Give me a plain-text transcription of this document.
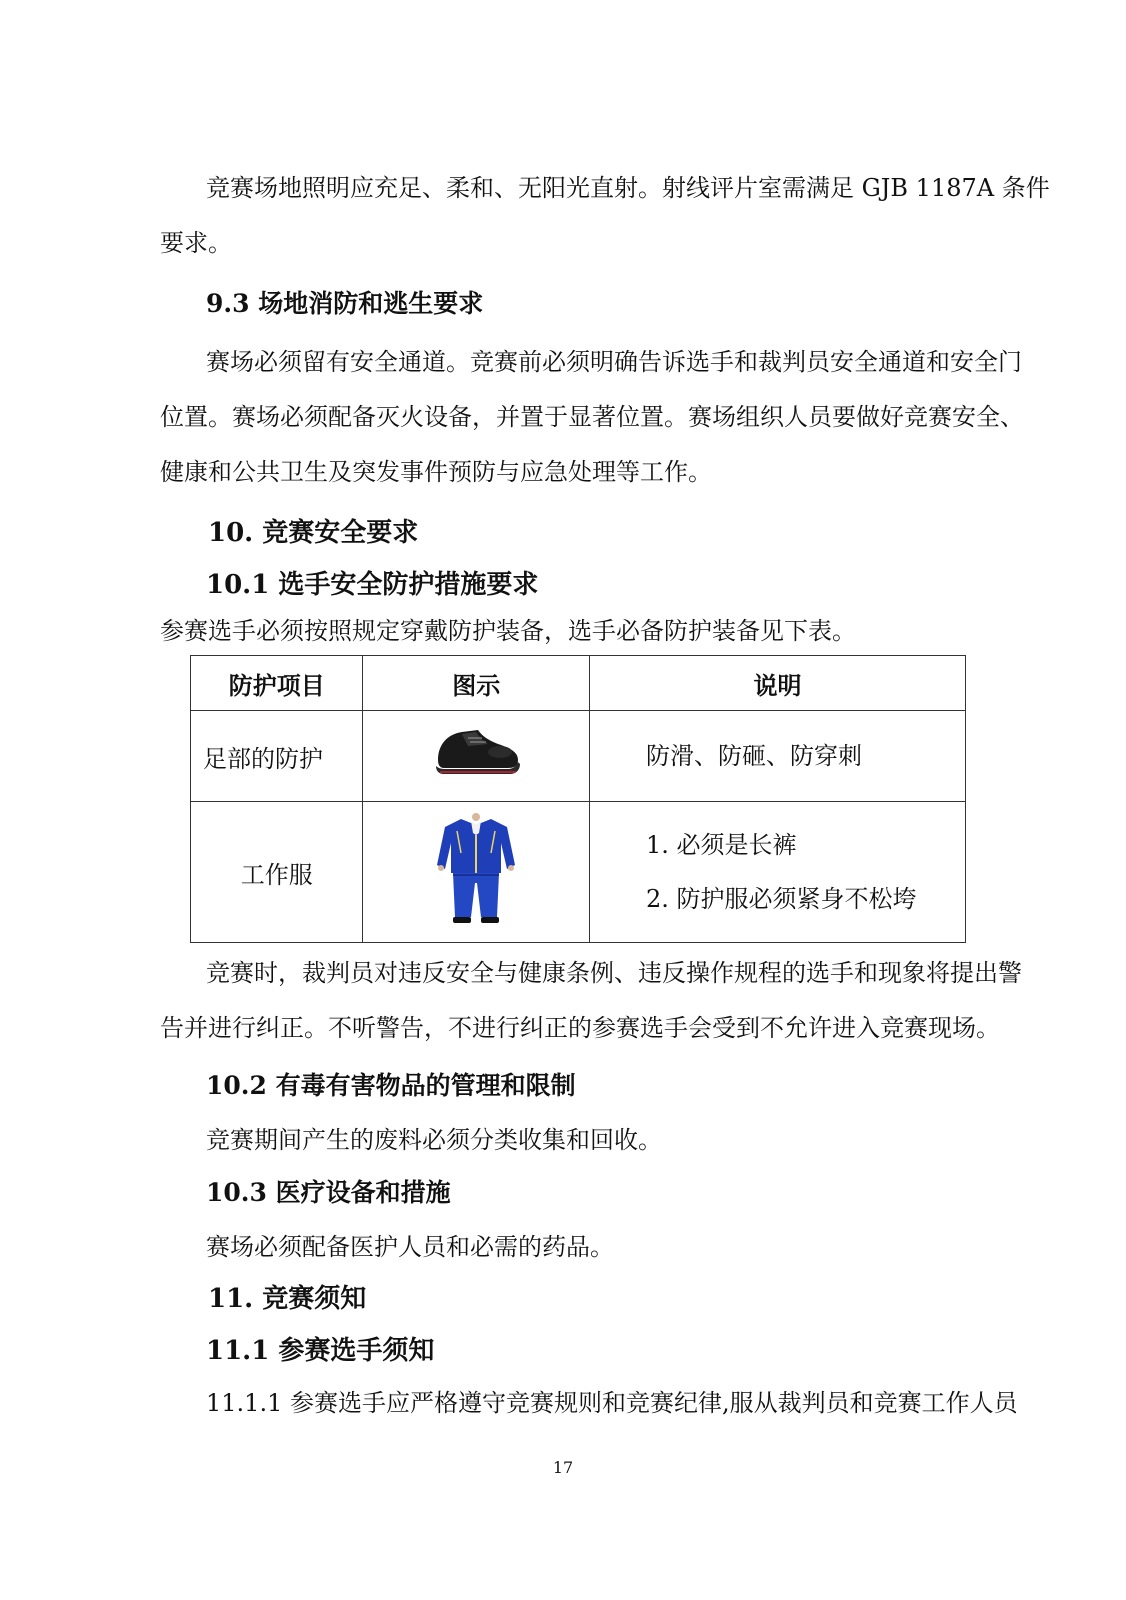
竞赛场地照明应充足、柔和、无阳光直射。射线评片室需满足 GJB 1187A 条件
要求。
9.3 场地消防和逃生要求
赛场必须留有安全通道。竞赛前必须明确告诉选手和裁判员安全通道和安全门
位置。赛场必须配备灭火设备，并置于显著位置。赛场组织人员要做好竞赛安全、
健康和公共卫生及突发事件预防与应急处理等工作。
10. 竞赛安全要求
10.1 选手安全防护措施要求
参赛选手必须按照规定穿戴防护装备，选手必备防护装备见下表。
防护项目	图示	说明
足部的防护		防滑、防砸、防穿刺

工作服		1. 必须是长裤
2. 防护服必须紧身不松垮
竞赛时，裁判员对违反安全与健康条例、违反操作规程的选手和现象将提出警
告并进行纠正。不听警告，不进行纠正的参赛选手会受到不允许进入竞赛现场。
10.2 有毒有害物品的管理和限制
竞赛期间产生的废料必须分类收集和回收。
10.3 医疗设备和措施
赛场必须配备医护人员和必需的药品。
11. 竞赛须知
11.1 参赛选手须知
11.1.1 参赛选手应严格遵守竞赛规则和竞赛纪律,服从裁判员和竞赛工作人员
17
